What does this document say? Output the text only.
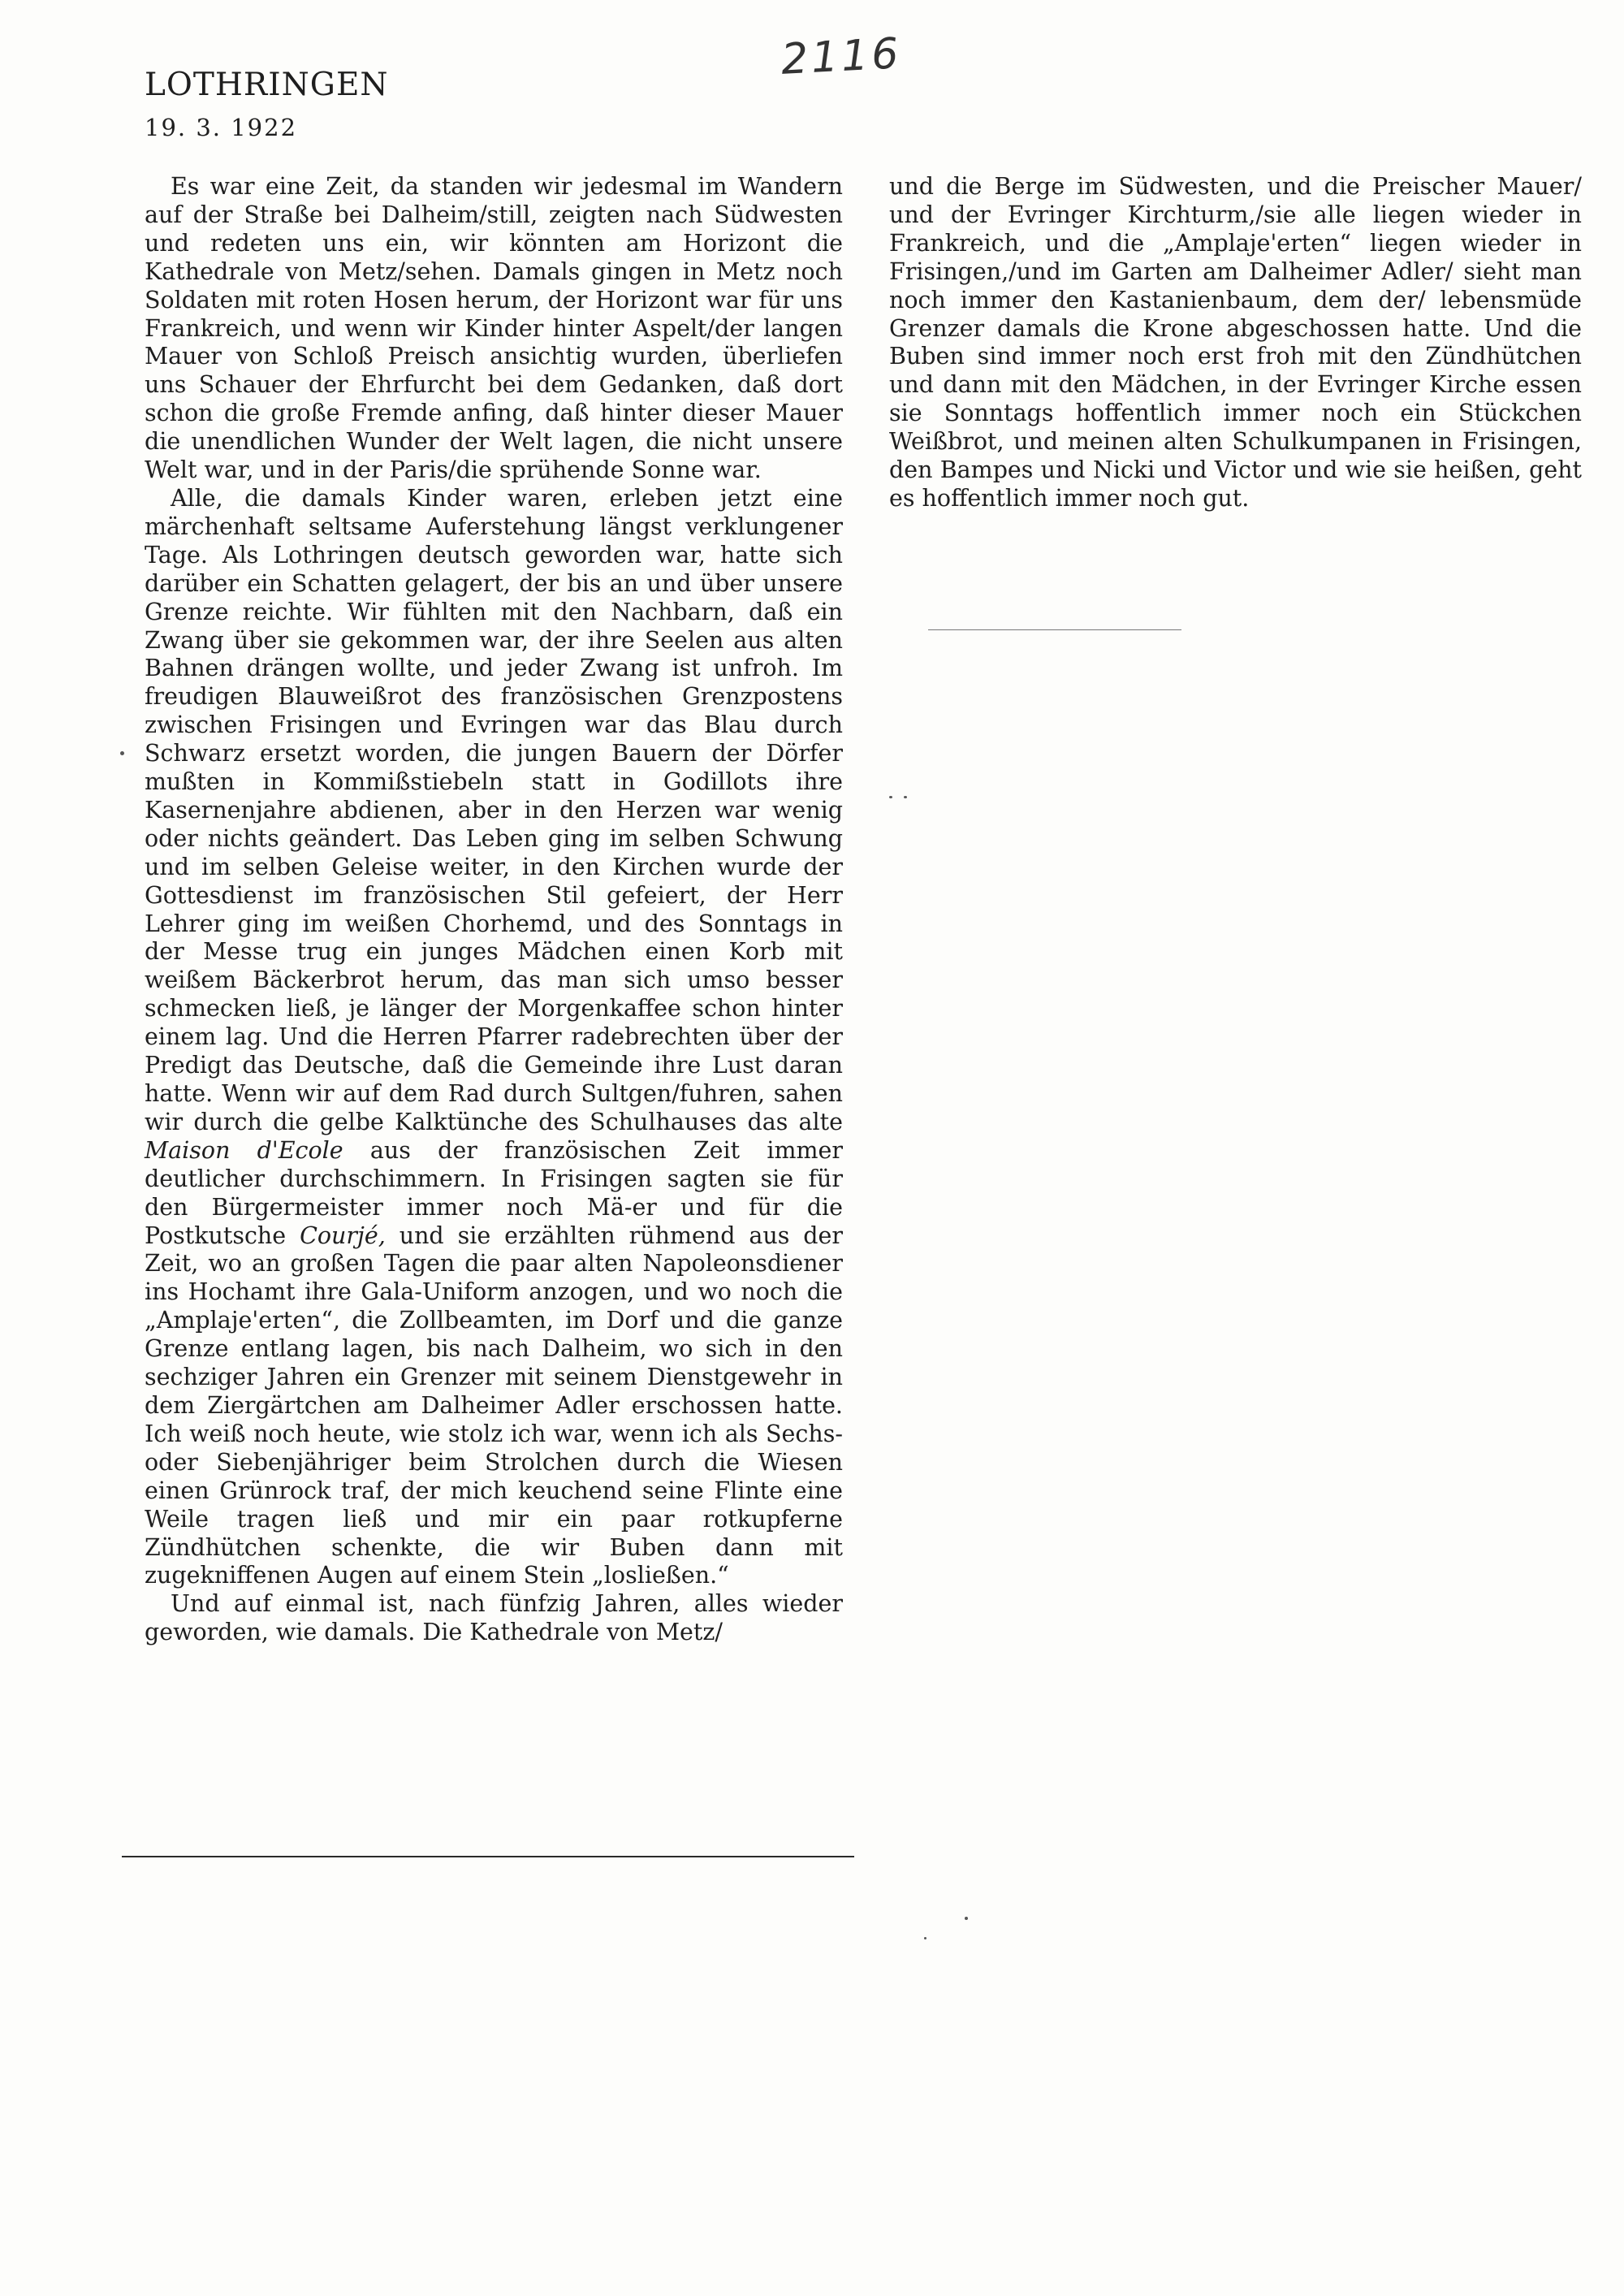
LOTHRINGEN
19. 3. 1922
2116

Es war eine Zeit, da standen wir jedesmal im Wandern auf der Straße bei Dalheim/still, zeigten nach Südwesten und redeten uns ein, wir könnten am Horizont die Kathedrale von Metz/sehen. Damals gingen in Metz noch Soldaten mit roten Hosen herum, der Horizont war für uns Frankreich, und wenn wir Kinder hinter Aspelt/der langen Mauer von Schloß Preisch ansichtig wurden, überliefen uns Schauer der Ehrfurcht bei dem Gedanken, daß dort schon die große Fremde anfing, daß hinter dieser Mauer die unendlichen Wunder der Welt lagen, die nicht unsere Welt war, und in der Paris/die sprühende Sonne war.

Alle, die damals Kinder waren, erleben jetzt eine märchenhaft seltsame Auferstehung längst verklungener Tage. Als Lothringen deutsch geworden war, hatte sich darüber ein Schatten gelagert, der bis an und über unsere Grenze reichte. Wir fühlten mit den Nachbarn, daß ein Zwang über sie gekommen war, der ihre Seelen aus alten Bahnen drängen wollte, und jeder Zwang ist unfroh. Im freudigen Blauweißrot des französischen Grenzpostens zwischen Frisingen und Evringen war das Blau durch Schwarz ersetzt worden, die jungen Bauern der Dörfer mußten in Kommißstiebeln statt in Godillots ihre Kasernenjahre abdienen, aber in den Herzen war wenig oder nichts geändert. Das Leben ging im selben Schwung und im selben Geleise weiter, in den Kirchen wurde der Gottesdienst im französischen Stil gefeiert, der Herr Lehrer ging im weißen Chorhemd, und des Sonntags in der Messe trug ein junges Mädchen einen Korb mit weißem Bäckerbrot herum, das man sich umso besser schmecken ließ, je länger der Morgenkaffee schon hinter einem lag. Und die Herren Pfarrer radebrechten über der Predigt das Deutsche, daß die Gemeinde ihre Lust daran hatte. Wenn wir auf dem Rad durch Sultgen/fuhren, sahen wir durch die gelbe Kalktünche des Schulhauses das alte Maison d'Ecole aus der französischen Zeit immer deutlicher durchschimmern. In Frisingen sagten sie für den Bürgermeister immer noch Mä-er und für die Postkutsche Courjé, und sie erzählten rühmend aus der Zeit, wo an großen Tagen die paar alten Napoleonsdiener ins Hochamt ihre Gala-Uniform anzogen, und wo noch die „Amplaje'erten“, die Zollbeamten, im Dorf und die ganze Grenze entlang lagen, bis nach Dalheim, wo sich in den sechziger Jahren ein Grenzer mit seinem Dienstgewehr in dem Ziergärtchen am Dalheimer Adler erschossen hatte. Ich weiß noch heute, wie stolz ich war, wenn ich als Sechs- oder Siebenjähriger beim Strolchen durch die Wiesen einen Grünrock traf, der mich keuchend seine Flinte eine Weile tragen ließ und mir ein paar rotkupferne Zündhütchen schenkte, die wir Buben dann mit zugekniffenen Augen auf einem Stein „losließen.“

Und auf einmal ist, nach fünfzig Jahren, alles wieder geworden, wie damals. Die Kathedrale von Metz/

und die Berge im Südwesten, und die Preischer Mauer/ und der Evringer Kirchturm,/sie alle liegen wieder in Frankreich, und die „Amplaje'erten“ liegen wieder in Frisingen,/und im Garten am Dalheimer Adler/ sieht man noch immer den Kastanienbaum, dem der/ lebensmüde Grenzer damals die Krone abgeschossen hatte. Und die Buben sind immer noch erst froh mit den Zündhütchen und dann mit den Mädchen, in der Evringer Kirche essen sie Sonntags hoffentlich immer noch ein Stückchen Weißbrot, und meinen alten Schulkumpanen in Frisingen, den Bampes und Nicki und Victor und wie sie heißen, geht es hoffentlich immer noch gut.
